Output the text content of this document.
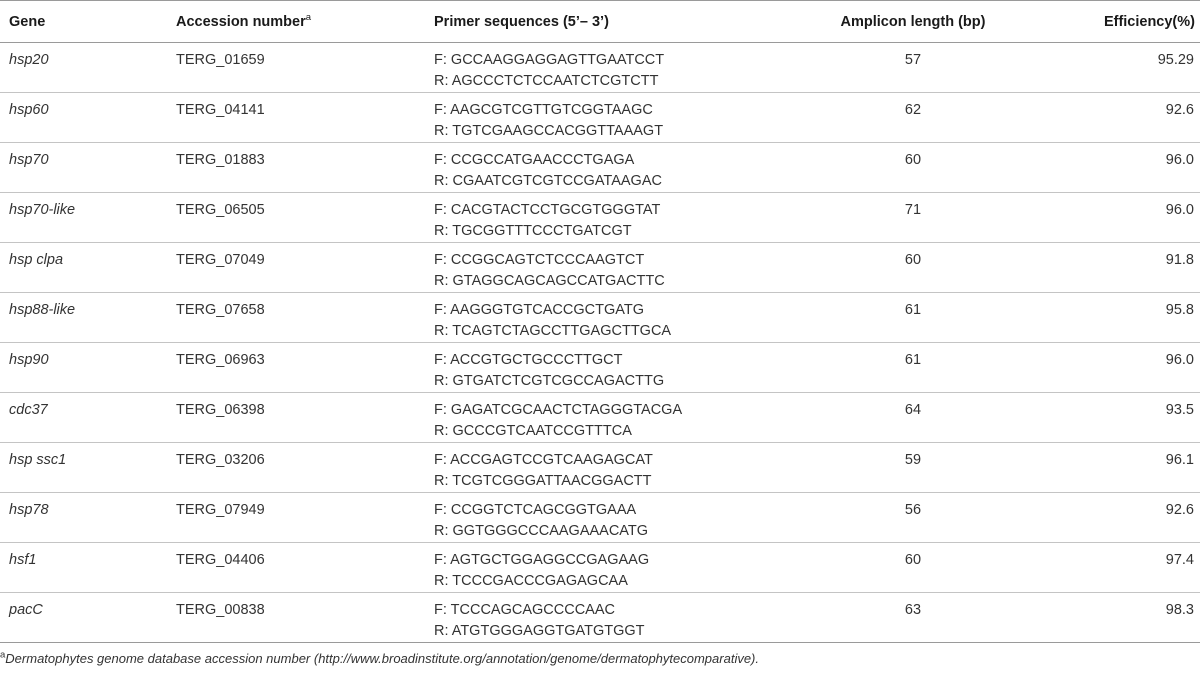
Gene	Accession number$^a$	Primer sequences (5’– 3’)	Amplicon length (bp)	Efficiency(%)

hsp20	TERG_01659	F: GCCAAGGAGGAGTTGAATCCT
R: AGCCCTCTCCAATCTCGTCTT	57	95.29

hsp60	TERG_04141	F: AAGCGTCGTTGTCGGTAAGC
R: TGTCGAAGCCACGGTTAAAGT	62	92.6

hsp70	TERG_01883	F: CCGCCATGAACCCTGAGA
R: CGAATCGTCGTCCGATAAGAC	60	96.0

hsp70-like	TERG_06505	F: CACGTACTCCTGCGTGGGTAT
R: TGCGGTTTCCCTGATCGT	71	96.0

hsp clpa	TERG_07049	F: CCGGCAGTCTCCCAAGTCT
R: GTAGGCAGCAGCCATGACTTC	60	91.8

hsp88-like	TERG_07658	F: AAGGGTGTCACCGCTGATG
R: TCAGTCTAGCCTTGAGCTTGCA	61	95.8

hsp90	TERG_06963	F: ACCGTGCTGCCCTTGCT
R: GTGATCTCGTCGCCAGACTTG	61	96.0

cdc37	TERG_06398	F: GAGATCGCAACTCTAGGGTACGA
R: GCCCGTCAATCCGTTTCA	64	93.5

hsp ssc1	TERG_03206	F: ACCGAGTCCGTCAAGAGCAT
R: TCGTCGGGATTAACGGACTT	59	96.1

hsp78	TERG_07949	F: CCGGTCTCAGCGGTGAAA
R: GGTGGGCCCAAGAAACATG	56	92.6

hsf1	TERG_04406	F: AGTGCTGGAGGCCGAGAAG
R: TCCCGACCCGAGAGCAA	60	97.4

pacC	TERG_00838	F: TCCCAGCAGCCCCAAC
R: ATGTGGGAGGTGATGTGGT	63	98.3
$^a$Dermatophytes genome database accession number (http://www.broadinstitute.org/annotation/genome/dermatophytecomparative).
